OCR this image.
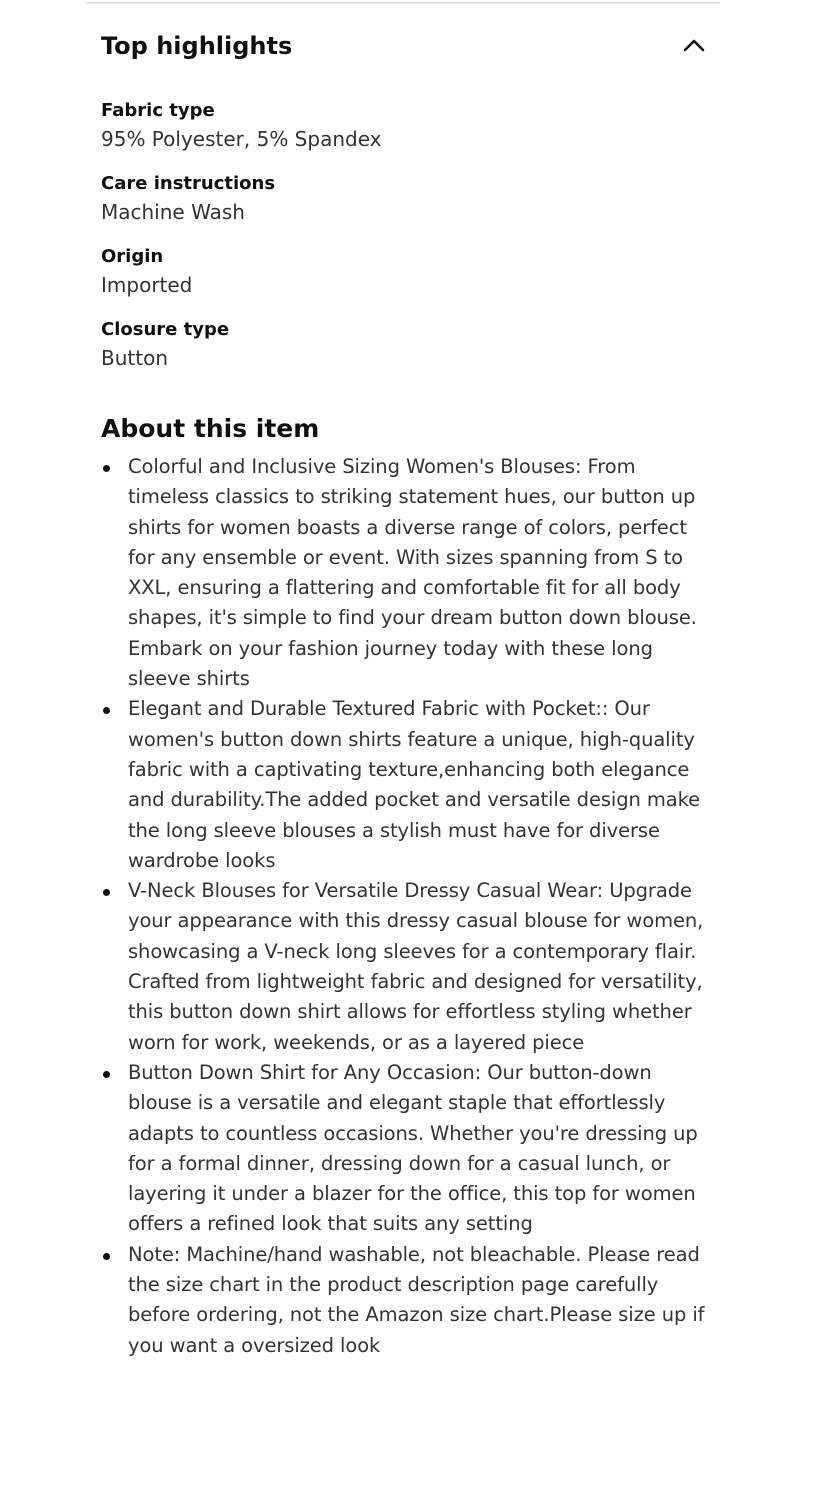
Top highlights
Fabric type
95% Polyester, 5% Spandex
Care instructions
Machine Wash
Origin
Imported
Closure type
Button
About this item
Colorful and Inclusive Sizing Women's Blouses: From timeless classics to striking statement hues, our button up shirts for women boasts a diverse range of colors, perfect for any ensemble or event. With sizes spanning from S to XXL, ensuring a flattering and comfortable fit for all body shapes, it's simple to find your dream button down blouse. Embark on your fashion journey today with these long sleeve shirts
Elegant and Durable Textured Fabric with Pocket:: Our women's button down shirts feature a unique, high-quality fabric with a captivating texture,enhancing both elegance and durability.The added pocket and versatile design make the long sleeve blouses a stylish must have for diverse wardrobe looks
V-Neck Blouses for Versatile Dressy Casual Wear: Upgrade your appearance with this dressy casual blouse for women, showcasing a V-neck long sleeves for a contemporary flair. Crafted from lightweight fabric and designed for versatility, this button down shirt allows for effortless styling whether worn for work, weekends, or as a layered piece
Button Down Shirt for Any Occasion: Our button-down blouse is a versatile and elegant staple that effortlessly adapts to countless occasions. Whether you're dressing up for a formal dinner, dressing down for a casual lunch, or layering it under a blazer for the office, this top for women offers a refined look that suits any setting
Note: Machine/hand washable, not bleachable. Please read the size chart in the product description page carefully before ordering, not the Amazon size chart.Please size up if you want a oversized look
